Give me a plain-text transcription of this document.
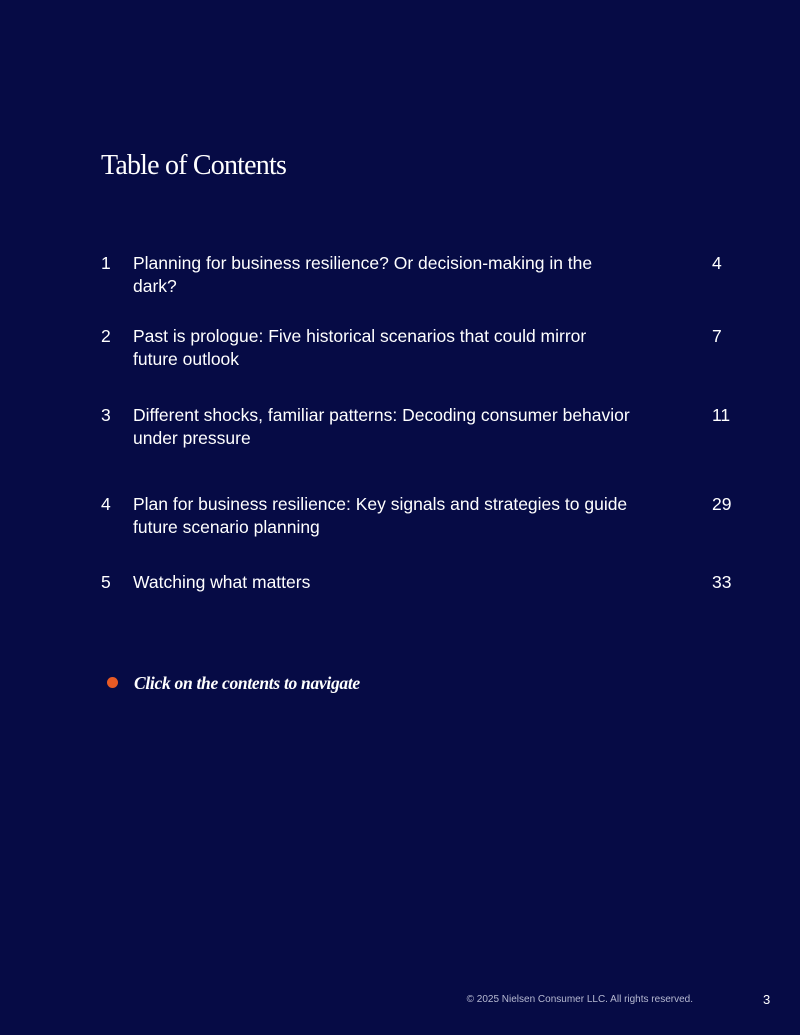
Table of Contents
1 Planning for business resilience? Or decision-making in the dark?
4
2 Past is prologue: Five historical scenarios that could mirror future outlook
7
3 Different shocks, familiar patterns: Decoding consumer behavior under pressure
11
4 Plan for business resilience: Key signals and strategies to guide future scenario planning
29
5 Watching what matters	33
Click on the contents to navigate
© 2025 Nielsen Consumer LLC. All rights reserved.	3
